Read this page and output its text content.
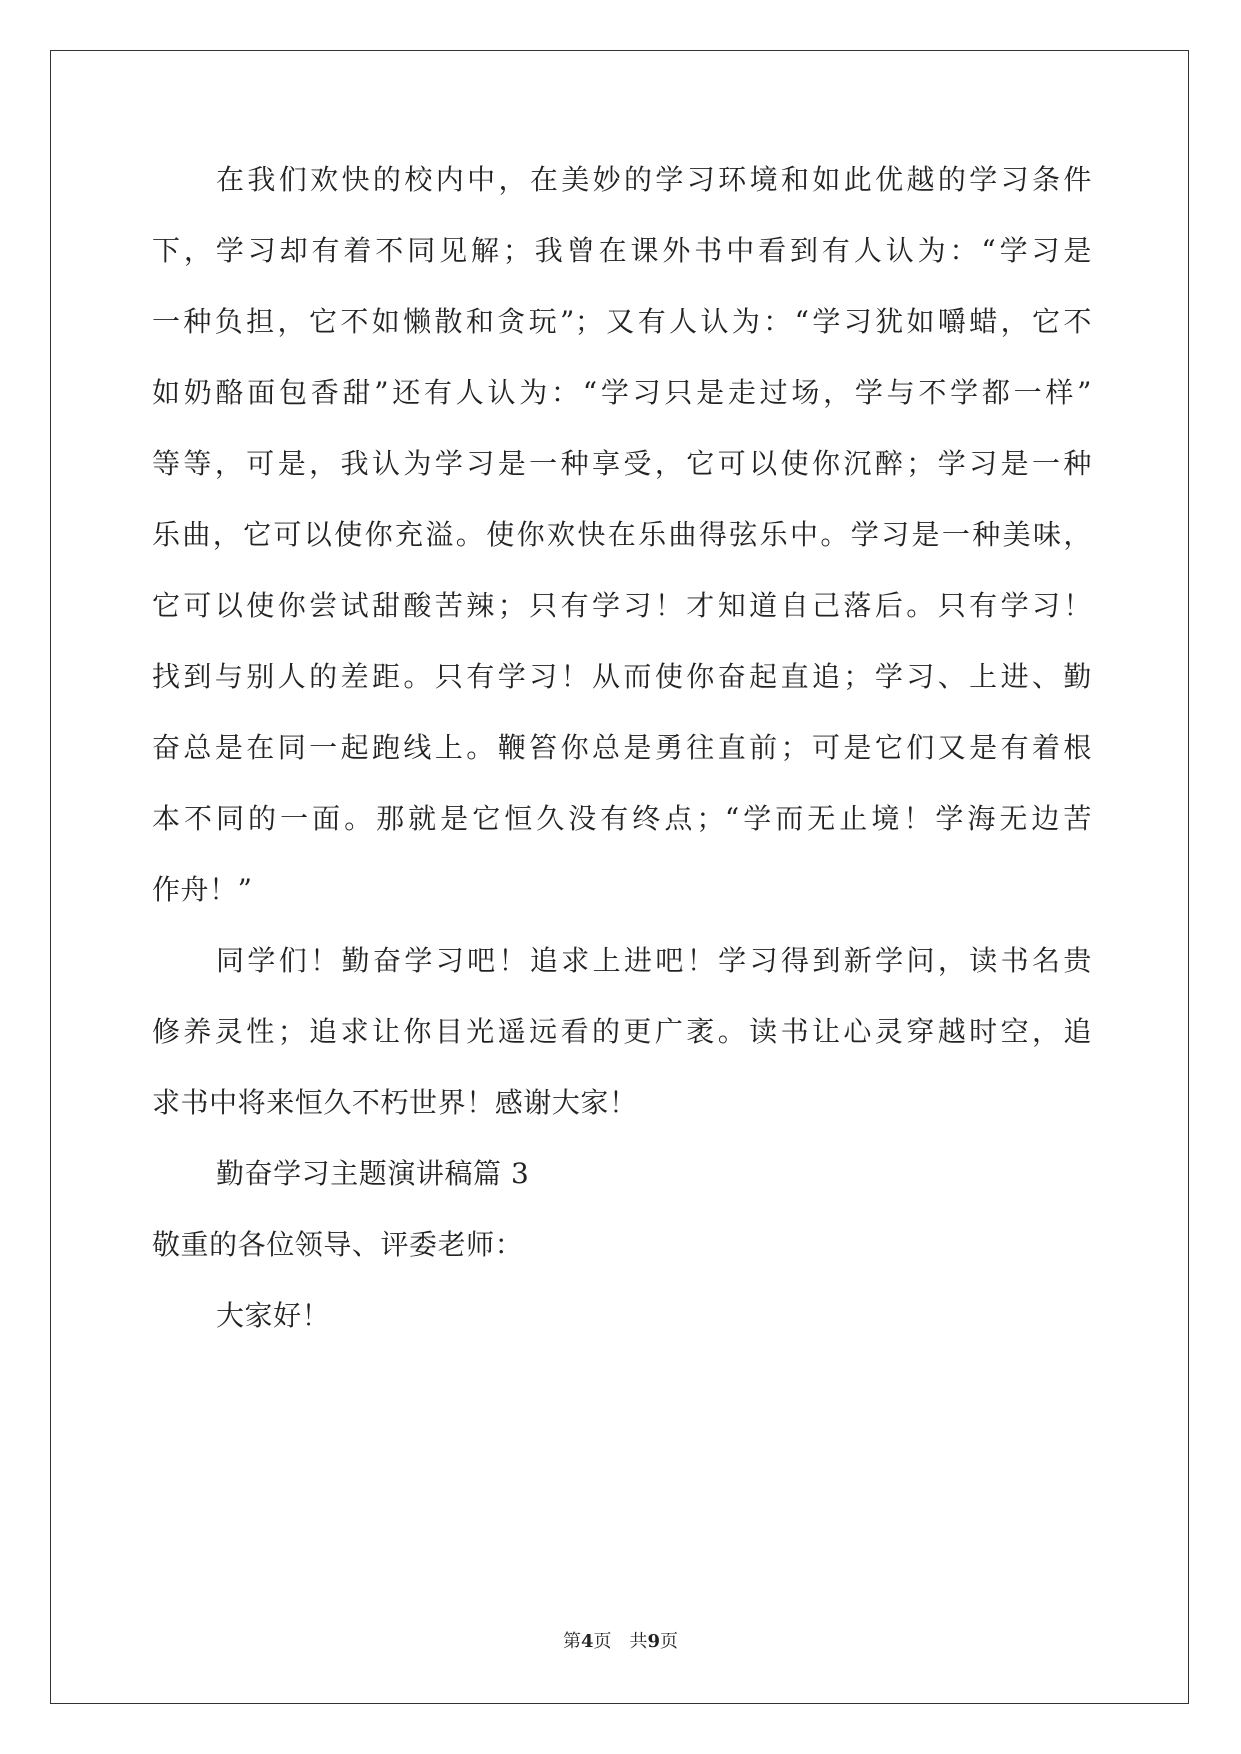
在我们欢快的校内中，在美妙的学习环境和如此优越的学习条件
下，学习却有着不同见解；我曾在课外书中看到有人认为：“学习是
一种负担，它不如懒散和贪玩”；又有人认为：“学习犹如嚼蜡，它不
如奶酪面包香甜”还有人认为：“学习只是走过场，学与不学都一样”
等等，可是，我认为学习是一种享受，它可以使你沉醉；学习是一种
乐曲，它可以使你充溢。使你欢快在乐曲得弦乐中。学习是一种美味，
它可以使你尝试甜酸苦辣；只有学习！才知道自己落后。只有学习！
找到与别人的差距。只有学习！从而使你奋起直追；学习、上进、勤
奋总是在同一起跑线上。鞭笞你总是勇往直前；可是它们又是有着根
本不同的一面。那就是它恒久没有终点；“学而无止境！学海无边苦
作舟！”
同学们！勤奋学习吧！追求上进吧！学习得到新学问，读书名贵
修养灵性；追求让你目光遥远看的更广袤。读书让心灵穿越时空，追
求书中将来恒久不朽世界！感谢大家！
勤奋学习主题演讲稿篇 3
敬重的各位领导、评委老师：
大家好！
第4页 共9页
